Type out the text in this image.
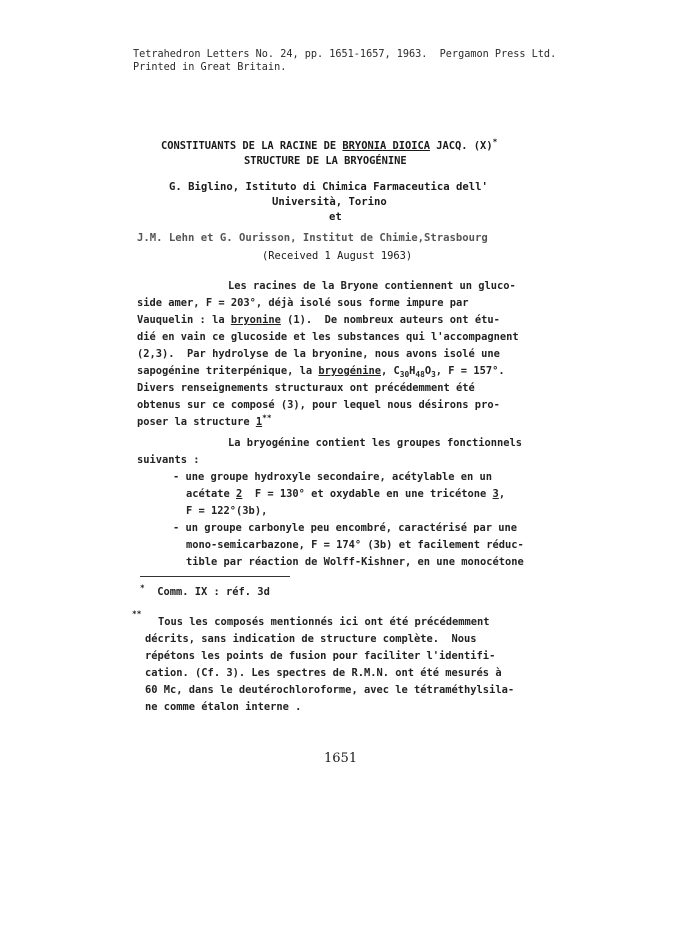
Tetrahedron Letters No. 24, pp. 1651-1657, 1963.  Pergamon Press Ltd.
Printed in Great Britain.
CONSTITUANTS DE LA RACINE DE BRYONIA DIOICA JACQ. (X)*
STRUCTURE DE LA BRYOGÉNINE
G. Biglino, Istituto di Chimica Farmaceutica dell'
Università, Torino
et
J.M. Lehn et G. Ourisson, Institut de Chimie,Strasbourg
(Received 1 August 1963)
Les racines de la Bryone contiennent un gluco-
side amer, F = 203°, déjà isolé sous forme impure par
Vauquelin : la bryonine (1).  De nombreux auteurs ont étu-
dié en vain ce glucoside et les substances qui l'accompagnent
(2,3).  Par hydrolyse de la bryonine, nous avons isolé une
sapogénine triterpénique, la bryogénine, $C_{30}H_{48}O_3$, F = 157°.
Divers renseignements structuraux ont précédemment été
obtenus sur ce composé (3), pour lequel nous désirons pro-
poser la structure 1**
La bryogénine contient les groupes fonctionnels
suivants :
- une groupe hydroxyle secondaire, acétylable en un
acétate 2  F = 130° et oxydable en une tricétone 3,
F = 122°(3b),
- un groupe carbonyle peu encombré, caractérisé par une
mono-semicarbazone, F = 174° (3b) et facilement réduc-
tible par réaction de Wolff-Kishner, en une monocétone
* Comm. IX : réf. 3d
**
Tous les composés mentionnés ici ont été précédemment
décrits, sans indication de structure complète.  Nous
répétons les points de fusion pour faciliter l'identifi-
cation. (Cf. 3). Les spectres de R.M.N. ont été mesurés à
60 Mc, dans le deutérochloroforme, avec le tétraméthylsila-
ne comme étalon interne .
1651
